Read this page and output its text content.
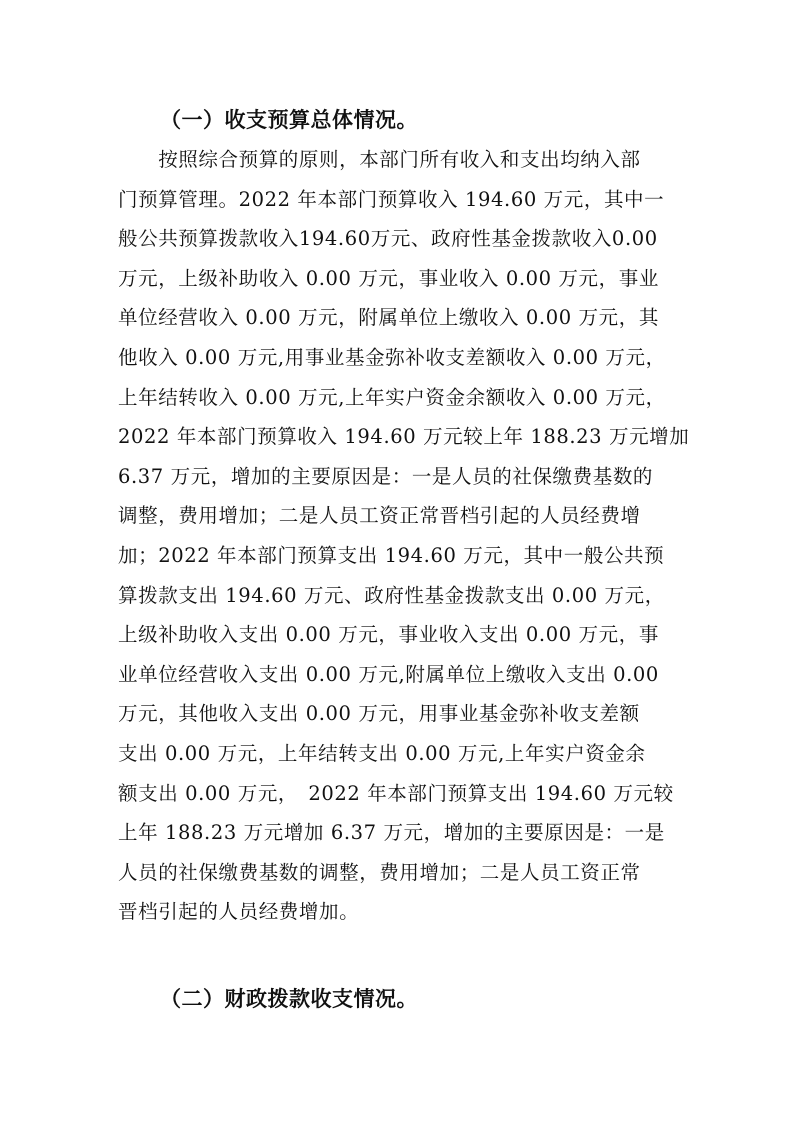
（一）收支预算总体情况。
　　按照综合预算的原则，本部门所有收入和支出均纳入部
门预算管理。2022 年本部门预算收入 194.60 万元，其中一
般公共预算拨款收入194.60万元、政府性基金拨款收入0.00
万元，上级补助收入 0.00 万元，事业收入 0.00 万元，事业
单位经营收入 0.00 万元，附属单位上缴收入 0.00 万元，其
他收入 0.00 万元,用事业基金弥补收支差额收入 0.00 万元，
上年结转收入 0.00 万元,上年实户资金余额收入 0.00 万元，
2022 年本部门预算收入 194.60 万元较上年 188.23 万元增加
6.37 万元，增加的主要原因是：一是人员的社保缴费基数的
调整，费用增加；二是人员工资正常晋档引起的人员经费增
加；2022 年本部门预算支出 194.60 万元，其中一般公共预
算拨款支出 194.60 万元、政府性基金拨款支出 0.00 万元，
上级补助收入支出 0.00 万元，事业收入支出 0.00 万元，事
业单位经营收入支出 0.00 万元,附属单位上缴收入支出 0.00
万元，其他收入支出 0.00 万元，用事业基金弥补收支差额
支出 0.00 万元，上年结转支出 0.00 万元,上年实户资金余
额支出 0.00 万元，　2022 年本部门预算支出 194.60 万元较
上年 188.23 万元增加 6.37 万元，增加的主要原因是：一是
人员的社保缴费基数的调整，费用增加；二是人员工资正常
晋档引起的人员经费增加。
（二）财政拨款收支情况。
